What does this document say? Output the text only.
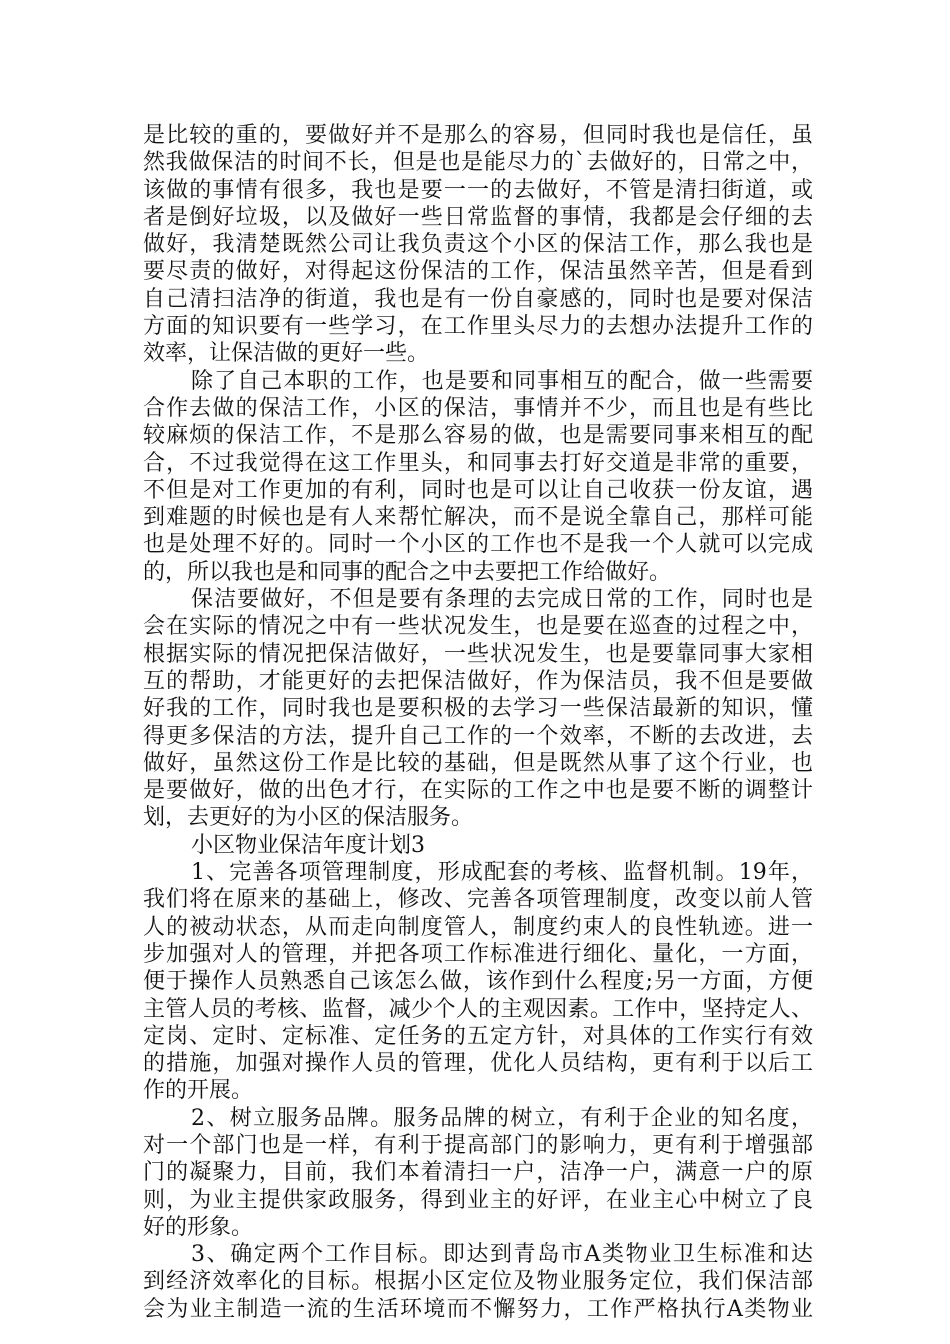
是比较的重的，要做好并不是那么的容易，但同时我也是信任，虽
然我做保洁的时间不长，但是也是能尽力的`去做好的，日常之中，
该做的事情有很多，我也是要一一的去做好，不管是清扫街道，或
者是倒好垃圾，以及做好一些日常监督的事情，我都是会仔细的去
做好，我清楚既然公司让我负责这个小区的保洁工作，那么我也是
要尽责的做好，对得起这份保洁的工作，保洁虽然辛苦，但是看到
自己清扫洁净的街道，我也是有一份自豪感的，同时也是要对保洁
方面的知识要有一些学习，在工作里头尽力的去想办法提升工作的
效率，让保洁做的更好一些。
除了自己本职的工作，也是要和同事相互的配合，做一些需要
合作去做的保洁工作，小区的保洁，事情并不少，而且也是有些比
较麻烦的保洁工作，不是那么容易的做，也是需要同事来相互的配
合，不过我觉得在这工作里头，和同事去打好交道是非常的重要，
不但是对工作更加的有利，同时也是可以让自己收获一份友谊，遇
到难题的时候也是有人来帮忙解决，而不是说全靠自己，那样可能
也是处理不好的。同时一个小区的工作也不是我一个人就可以完成
的，所以我也是和同事的配合之中去要把工作给做好。
保洁要做好，不但是要有条理的去完成日常的工作，同时也是
会在实际的情况之中有一些状况发生，也是要在巡查的过程之中，
根据实际的情况把保洁做好，一些状况发生，也是要靠同事大家相
互的帮助，才能更好的去把保洁做好，作为保洁员，我不但是要做
好我的工作，同时我也是要积极的去学习一些保洁最新的知识，懂
得更多保洁的方法，提升自己工作的一个效率，不断的去改进，去
做好，虽然这份工作是比较的基础，但是既然从事了这个行业，也
是要做好，做的出色才行，在实际的工作之中也是要不断的调整计
划，去更好的为小区的保洁服务。
小区物业保洁年度计划3
1、完善各项管理制度，形成配套的考核、监督机制。19年，
我们将在原来的基础上，修改、完善各项管理制度，改变以前人管
人的被动状态，从而走向制度管人，制度约束人的良性轨迹。进一
步加强对人的管理，并把各项工作标准进行细化、量化，一方面，
便于操作人员熟悉自己该怎么做，该作到什么程度;另一方面，方便
主管人员的考核、监督，减少个人的主观因素。工作中，坚持定人、
定岗、定时、定标准、定任务的五定方针，对具体的工作实行有效
的措施，加强对操作人员的管理，优化人员结构，更有利于以后工
作的开展。
2、树立服务品牌。服务品牌的树立，有利于企业的知名度，
对一个部门也是一样，有利于提高部门的影响力，更有利于增强部
门的凝聚力，目前，我们本着清扫一户，洁净一户，满意一户的原
则，为业主提供家政服务，得到业主的好评，在业主心中树立了良
好的形象。
3、确定两个工作目标。即达到青岛市A类物业卫生标准和达
到经济效率化的目标。根据小区定位及物业服务定位，我们保洁部
会为业主制造一流的生活环境而不懈努力，工作严格执行A类物业
